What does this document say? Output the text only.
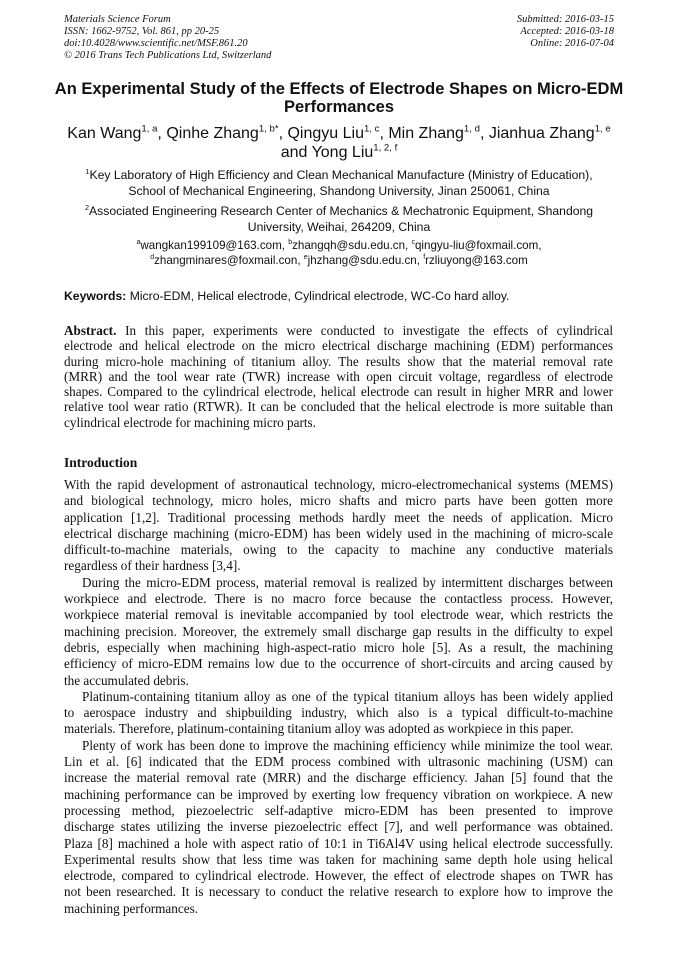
Materials Science Forum
ISSN: 1662-9752, Vol. 861, pp 20-25
doi:10.4028/www.scientific.net/MSF.861.20
© 2016 Trans Tech Publications Ltd, Switzerland
Submitted: 2016-03-15
Accepted: 2016-03-18
Online: 2016-07-04
An Experimental Study of the Effects of Electrode Shapes on Micro-EDM
Performances
Kan Wang$^{1, a}$, Qinhe Zhang$^{1, b*}$, Qingyu Liu$^{1, c}$, Min Zhang$^{1, d}$, Jianhua Zhang$^{1, e}$
and Yong Liu$^{1, 2, f}$
$^1$Key Laboratory of High Efficiency and Clean Mechanical Manufacture (Ministry of Education),
School of Mechanical Engineering, Shandong University, Jinan 250061, China
$^2$Associated Engineering Research Center of Mechanics & Mechatronic Equipment, Shandong
University, Weihai, 264209, China
$^a$wangkan199109@163.com, $^b$zhangqh@sdu.edu.cn, $^c$qingyu-liu@foxmail.com,
$^d$zhangminares@foxmail.con, $^e$jhzhang@sdu.edu.cn, $^f$rzliuyong@163.com
Keywords: Micro-EDM, Helical electrode, Cylindrical electrode, WC-Co hard alloy.
Abstract. In this paper, experiments were conducted to investigate the effects of cylindrical
electrode and helical electrode on the micro electrical discharge machining (EDM) performances
during micro-hole machining of titanium alloy. The results show that the material removal rate
(MRR) and the tool wear rate (TWR) increase with open circuit voltage, regardless of electrode
shapes. Compared to the cylindrical electrode, helical electrode can result in higher MRR and lower
relative tool wear ratio (RTWR). It can be concluded that the helical electrode is more suitable than
cylindrical electrode for machining micro parts.
Introduction
With the rapid development of astronautical technology, micro-electromechanical systems (MEMS)
and biological technology, micro holes, micro shafts and micro parts have been gotten more
application [1,2]. Traditional processing methods hardly meet the needs of application. Micro
electrical discharge machining (micro-EDM) has been widely used in the machining of micro-scale
difficult-to-machine materials, owing to the capacity to machine any conductive materials
regardless of their hardness [3,4].
During the micro-EDM process, material removal is realized by intermittent discharges between
workpiece and electrode. There is no macro force because the contactless process. However,
workpiece material removal is inevitable accompanied by tool electrode wear, which restricts the
machining precision. Moreover, the extremely small discharge gap results in the difficulty to expel
debris, especially when machining high-aspect-ratio micro hole [5]. As a result, the machining
efficiency of micro-EDM remains low due to the occurrence of short-circuits and arcing caused by
the accumulated debris.
Platinum-containing titanium alloy as one of the typical titanium alloys has been widely applied
to aerospace industry and shipbuilding industry, which also is a typical difficult-to-machine
materials. Therefore, platinum-containing titanium alloy was adopted as workpiece in this paper.
Plenty of work has been done to improve the machining efficiency while minimize the tool wear.
Lin et al. [6] indicated that the EDM process combined with ultrasonic machining (USM) can
increase the material removal rate (MRR) and the discharge efficiency. Jahan [5] found that the
machining performance can be improved by exerting low frequency vibration on workpiece. A new
processing method, piezoelectric self-adaptive micro-EDM has been presented to improve
discharge states utilizing the inverse piezoelectric effect [7], and well performance was obtained.
Plaza [8] machined a hole with aspect ratio of 10:1 in Ti6Al4V using helical electrode successfully.
Experimental results show that less time was taken for machining same depth hole using helical
electrode, compared to cylindrical electrode. However, the effect of electrode shapes on TWR has
not been researched. It is necessary to conduct the relative research to explore how to improve the
machining performances.
